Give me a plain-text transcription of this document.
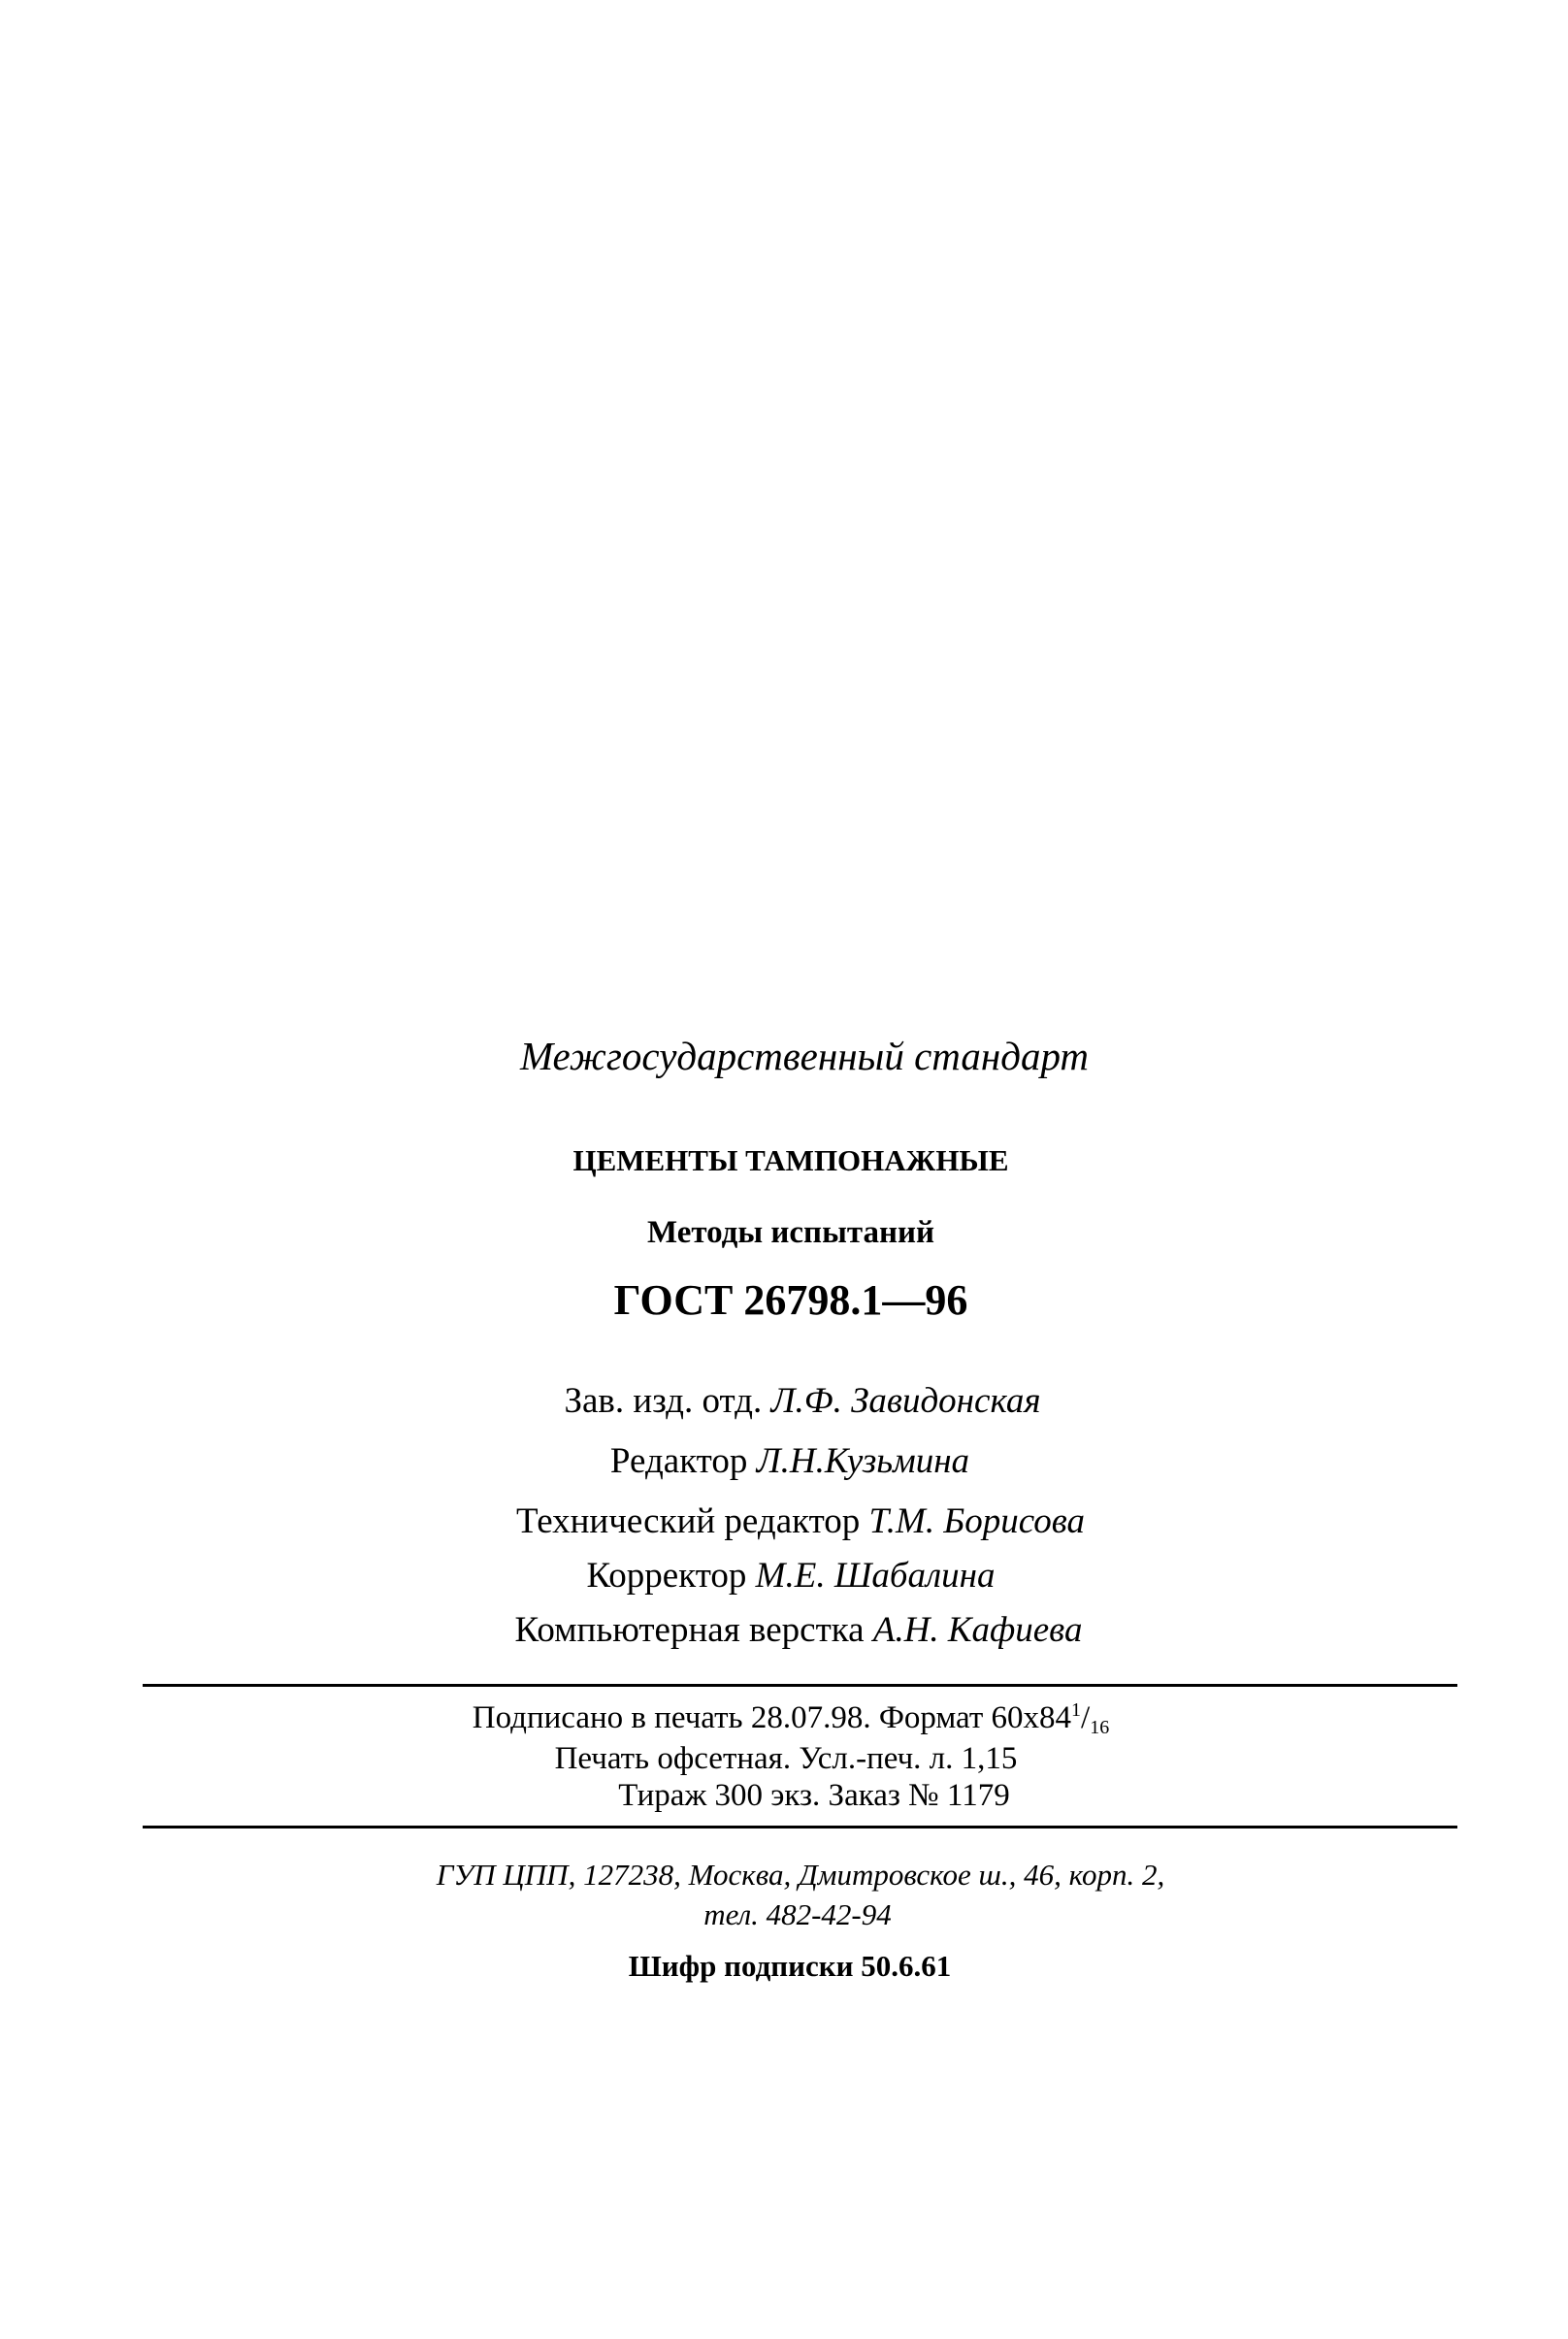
Межгосударственный стандарт
ЦЕМЕНТЫ ТАМПОНАЖНЫЕ
Методы испытаний
ГОСТ 26798.1—96
Зав. изд. отд. Л.Ф. Завидонская
Редактор Л.Н.Кузьмина
Технический редактор Т.М. Борисова
Корректор М.Е. Шабалина
Компьютерная верстка А.Н. Кафиева
Подписано в печать 28.07.98. Формат $60x84^1/_{16}$
Печать офсетная. Усл.-печ. л. 1,15
Тираж 300 экз. Заказ № 1179
ГУП ЦПП, 127238, Москва, Дмитровское ш., 46, корп. 2,
тел. 482-42-94
Шифр подписки 50.6.61
